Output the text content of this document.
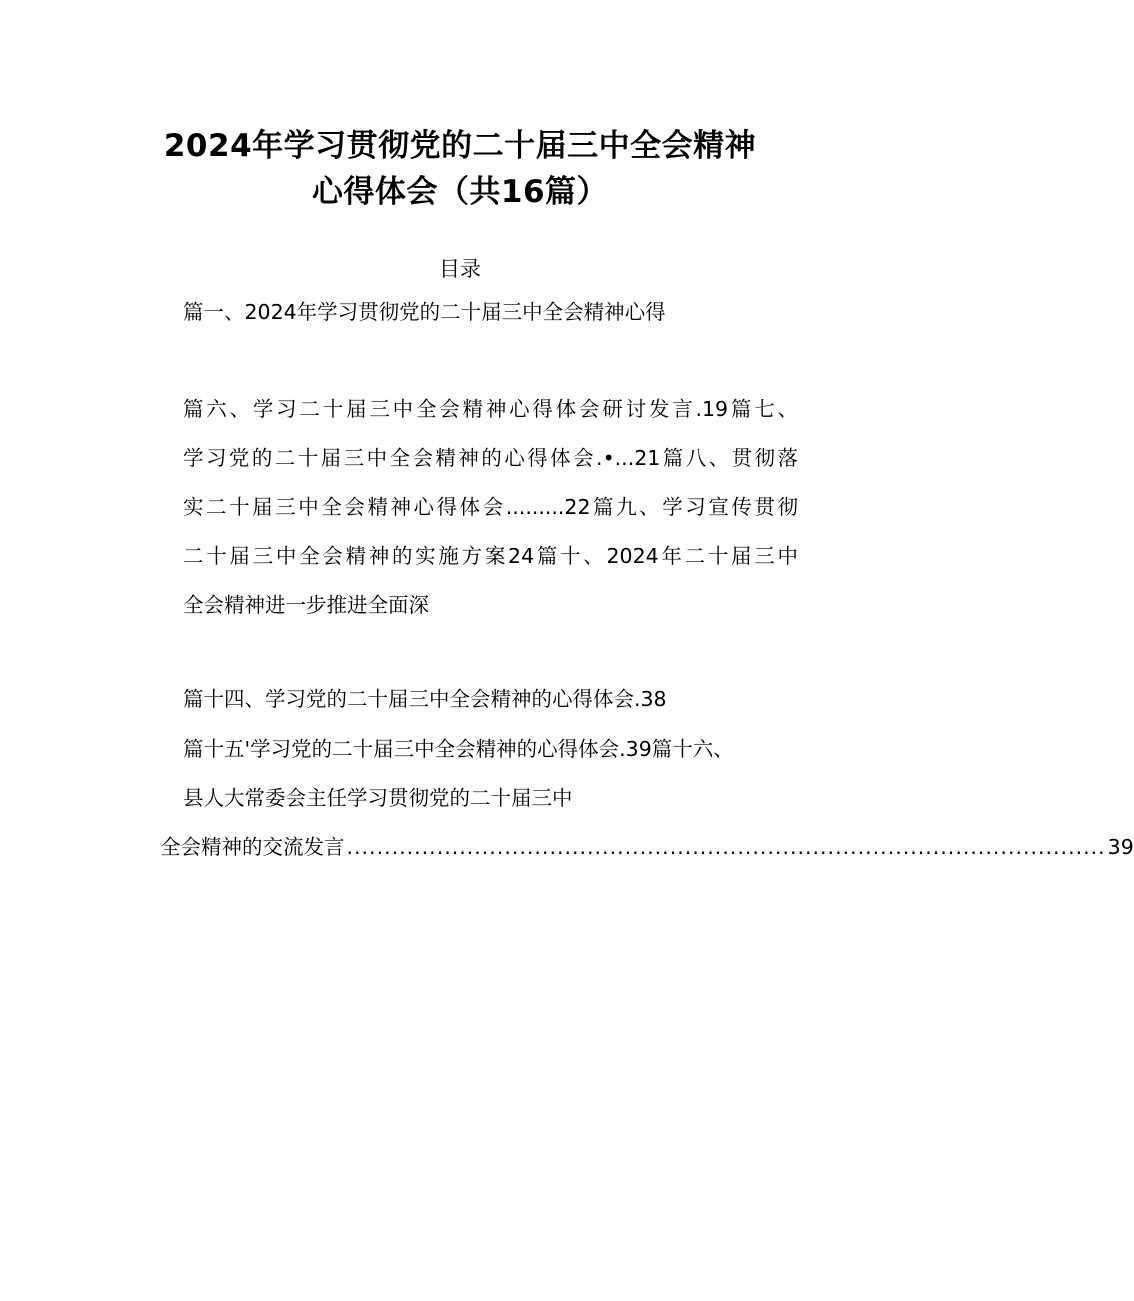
2024年学习贯彻党的二十届三中全会精神
心得体会（共16篇）
目录
篇一、2024年学习贯彻党的二十届三中全会精神心得
篇六、学习二十届三中全会精神心得体会研讨发言.19篇七、
学习党的二十届三中全会精神的心得体会.•...21篇八、贯彻落
实二十届三中全会精神心得体会.........22篇九、学习宣传贯彻
二十届三中全会精神的实施方案24篇十、2024年二十届三中
全会精神进一步推进全面深
篇十四、学习党的二十届三中全会精神的心得体会.38
篇十五'学习党的二十届三中全会精神的心得体会.39篇十六、
县人大常委会主任学习贯彻党的二十届三中
全会精神的交流发言 ..................................................................................................... 39
